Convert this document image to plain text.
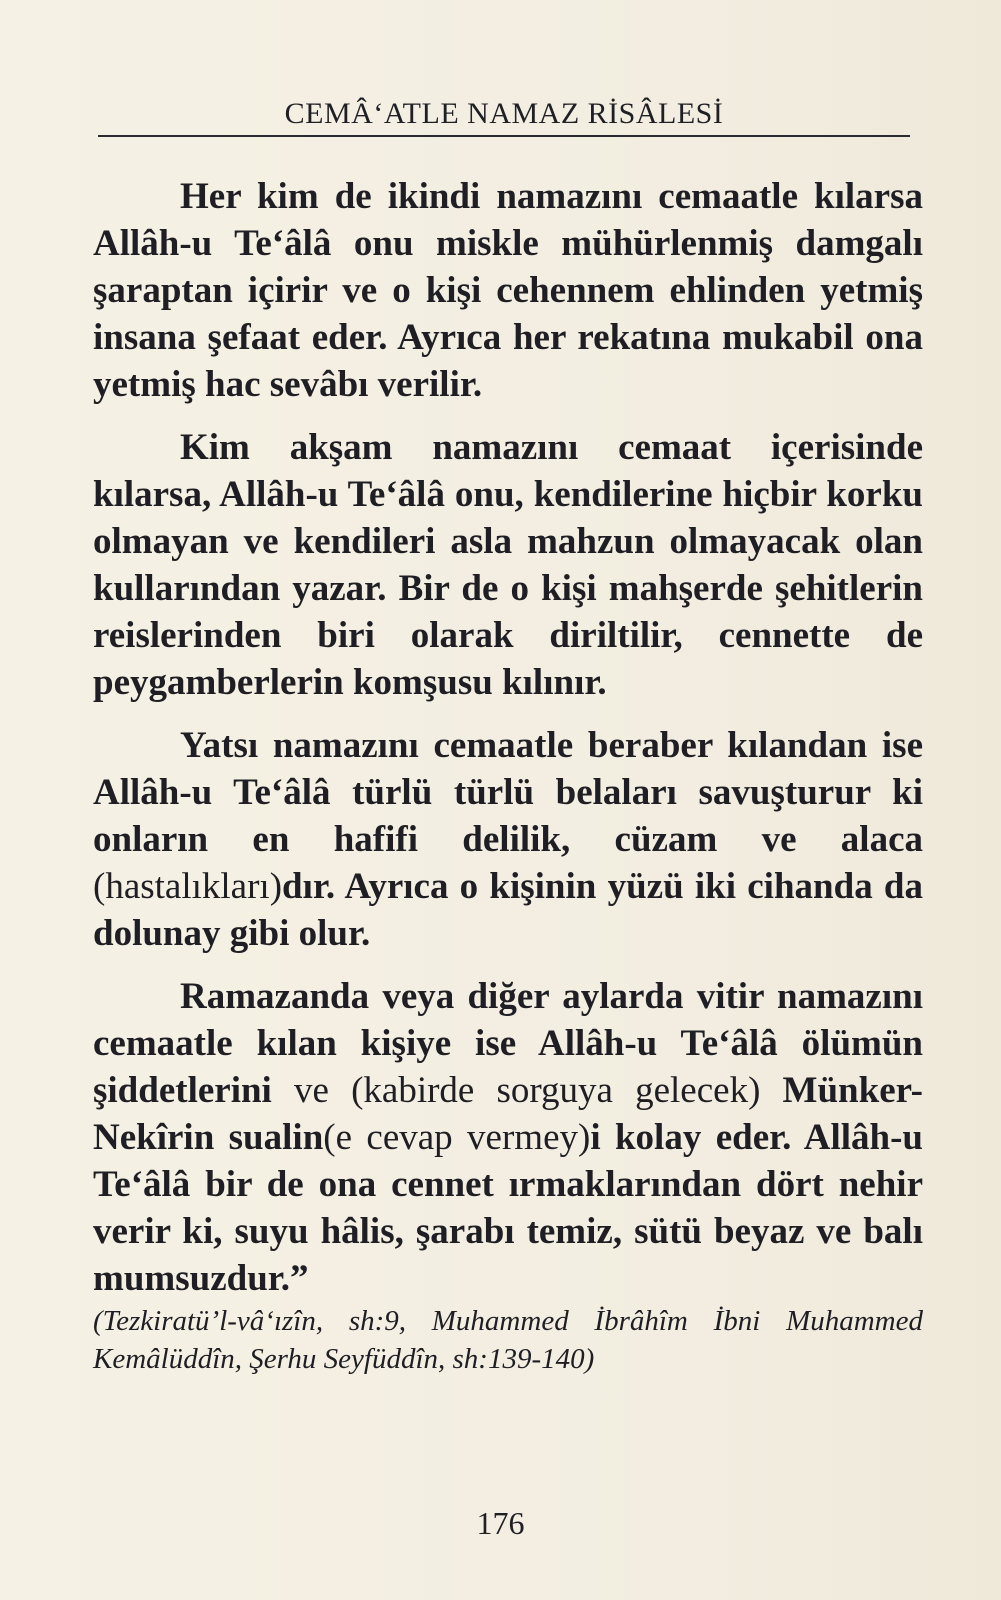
CEMÂ‘ATLE NAMAZ RİSÂLESİ

Her kim de ikindi namazını cemaatle kılarsa Allâh-u Te‘âlâ onu miskle mühürlenmiş damgalı şaraptan içirir ve o kişi cehennem ehlinden yetmiş insana şefaat eder. Ayrıca her rekatına mukabil ona yetmiş hac sevâbı verilir.

Kim akşam namazını cemaat içerisinde kılarsa, Allâh-u Te‘âlâ onu, kendilerine hiçbir korku olmayan ve kendileri asla mahzun olmayacak olan kullarından yazar. Bir de o kişi mahşerde şehitlerin reislerinden biri olarak diriltilir, cennette de peygamberlerin komşusu kılınır.

Yatsı namazını cemaatle beraber kılandan ise Allâh-u Te‘âlâ türlü türlü belaları savuşturur ki onların en hafifi delilik, cüzam ve alaca (hastalıkları)dır. Ayrıca o kişinin yüzü iki cihanda da dolunay gibi olur.

Ramazanda veya diğer aylarda vitir namazını cemaatle kılan kişiye ise Allâh-u Te‘âlâ ölümün şiddetlerini ve (kabirde sorguya gelecek) Münker-Nekîrin sualin(e cevap vermey)i kolay eder. Allâh-u Te‘âlâ bir de ona cennet ırmaklarından dört nehir verir ki, suyu hâlis, şarabı temiz, sütü beyaz ve balı mumsuzdur.”

(Tezkiratü’l-vâ‘ızîn, sh:9, Muhammed İbrâhîm İbni Muhammed Kemâlüddîn, Şerhu Seyfüddîn, sh:139-140)

176
